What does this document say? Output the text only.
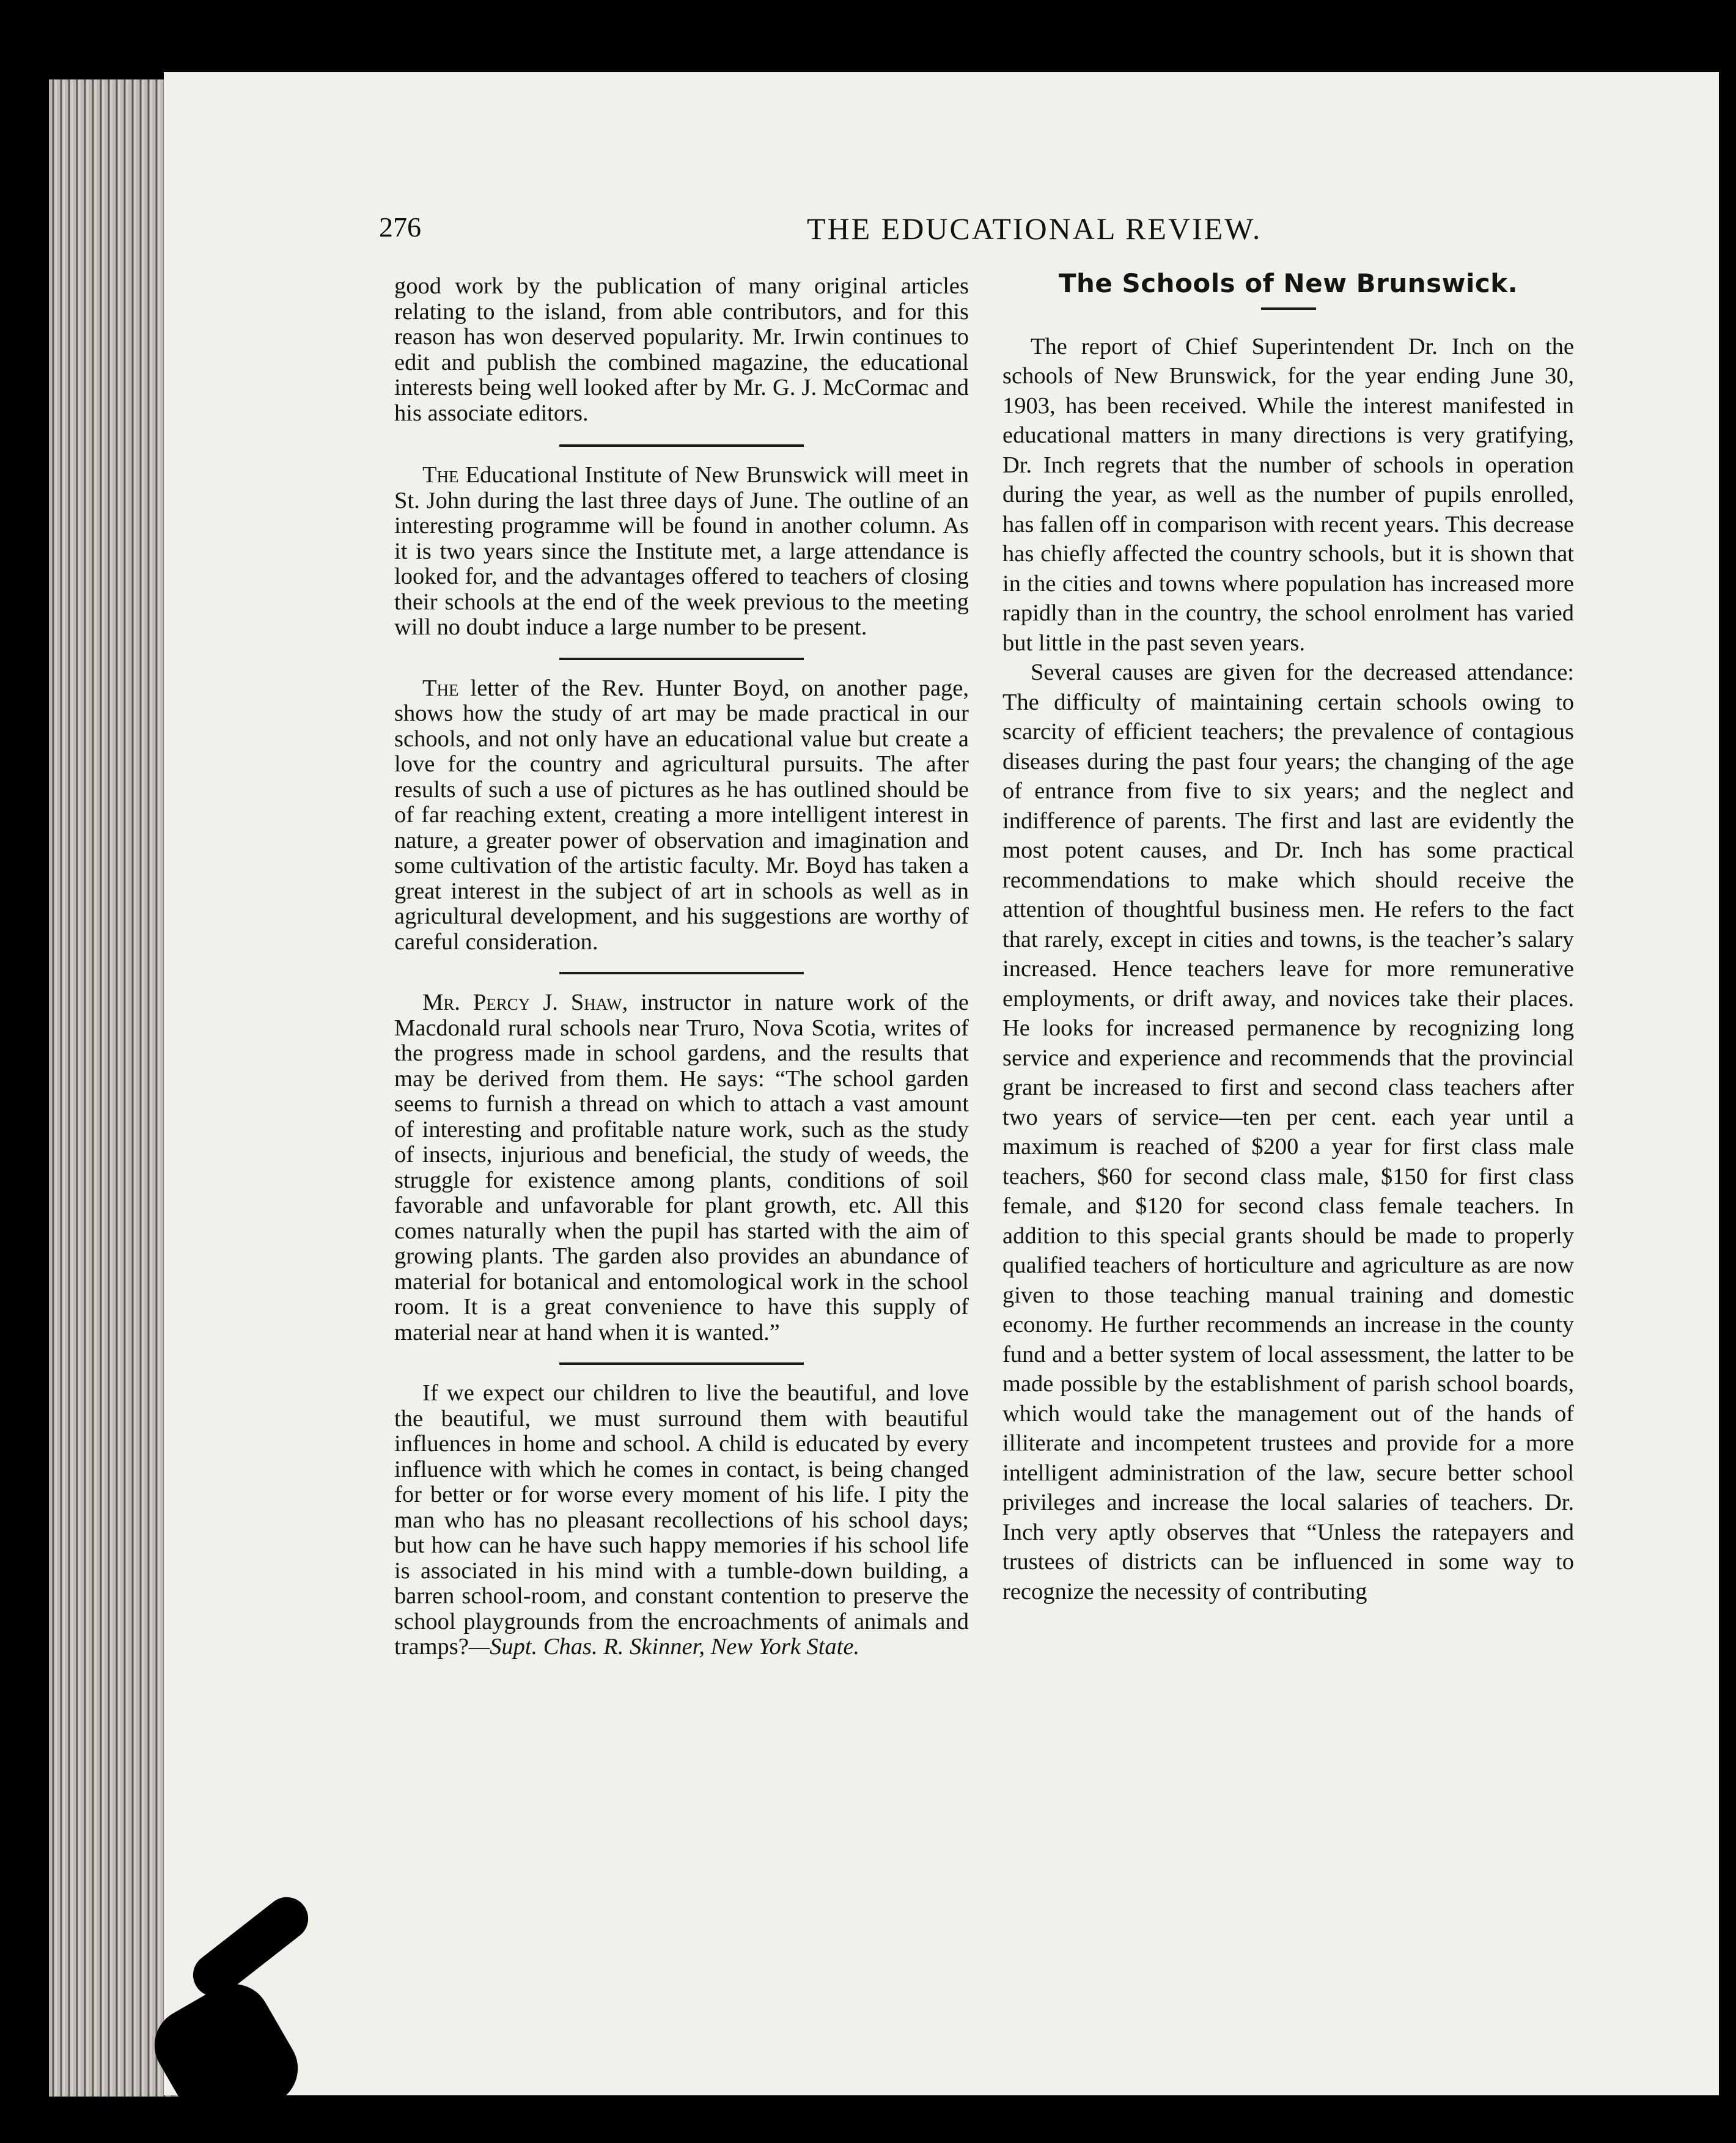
276	THE EDUCATIONAL REVIEW.

good work by the publication of many original articles relating to the island, from able contributors, and for this reason has won deserved popularity. Mr. Irwin continues to edit and publish the combined magazine, the educational interests being well looked after by Mr. G. J. McCormac and his associate editors.

The Educational Institute of New Brunswick will meet in St. John during the last three days of June. The outline of an interesting programme will be found in another column. As it is two years since the Institute met, a large attendance is looked for, and the advantages offered to teachers of closing their schools at the end of the week previous to the meeting will no doubt induce a large number to be present.

The letter of the Rev. Hunter Boyd, on another page, shows how the study of art may be made practical in our schools, and not only have an educational value but create a love for the country and agricultural pursuits. The after results of such a use of pictures as he has outlined should be of far reaching extent, creating a more intelligent interest in nature, a greater power of observation and imagination and some cultivation of the artistic faculty. Mr. Boyd has taken a great interest in the subject of art in schools as well as in agricultural development, and his suggestions are worthy of careful consideration.

Mr. Percy J. Shaw, instructor in nature work of the Macdonald rural schools near Truro, Nova Scotia, writes of the progress made in school gardens, and the results that may be derived from them. He says: “The school garden seems to furnish a thread on which to attach a vast amount of interesting and profitable nature work, such as the study of insects, injurious and beneficial, the study of weeds, the struggle for existence among plants, conditions of soil favorable and unfavorable for plant growth, etc. All this comes naturally when the pupil has started with the aim of growing plants. The garden also provides an abundance of material for botanical and entomological work in the school room. It is a great convenience to have this supply of material near at hand when it is wanted.”

If we expect our children to live the beautiful, and love the beautiful, we must surround them with beautiful influences in home and school. A child is educated by every influence with which he comes in contact, is being changed for better or for worse every moment of his life. I pity the man who has no pleasant recollections of his school days; but how can he have such happy memories if his school life is associated in his mind with a tumble-down building, a barren school-room, and constant contention to preserve the school playgrounds from the encroachments of animals and tramps?—Supt. Chas. R. Skinner, New York State.

The Schools of New Brunswick.

The report of Chief Superintendent Dr. Inch on the schools of New Brunswick, for the year ending June 30, 1903, has been received. While the interest manifested in educational matters in many directions is very gratifying, Dr. Inch regrets that the number of schools in operation during the year, as well as the number of pupils enrolled, has fallen off in comparison with recent years. This decrease has chiefly affected the country schools, but it is shown that in the cities and towns where population has increased more rapidly than in the country, the school enrolment has varied but little in the past seven years.

Several causes are given for the decreased attendance: The difficulty of maintaining certain schools owing to scarcity of efficient teachers; the prevalence of contagious diseases during the past four years; the changing of the age of entrance from five to six years; and the neglect and indifference of parents. The first and last are evidently the most potent causes, and Dr. Inch has some practical recommendations to make which should receive the attention of thoughtful business men. He refers to the fact that rarely, except in cities and towns, is the teacher’s salary increased. Hence teachers leave for more remunerative employments, or drift away, and novices take their places. He looks for increased permanence by recognizing long service and experience and recommends that the provincial grant be increased to first and second class teachers after two years of service—ten per cent. each year until a maximum is reached of $200 a year for first class male teachers, $60 for second class male, $150 for first class female, and $120 for second class female teachers. In addition to this special grants should be made to properly qualified teachers of horticulture and agriculture as are now given to those teaching manual training and domestic economy. He further recommends an increase in the county fund and a better system of local assessment, the latter to be made possible by the establishment of parish school boards, which would take the management out of the hands of illiterate and incompetent trustees and provide for a more intelligent administration of the law, secure better school privileges and increase the local salaries of teachers. Dr. Inch very aptly observes that “Unless the ratepayers and trustees of districts can be influenced in some way to recognize the necessity of contributing
